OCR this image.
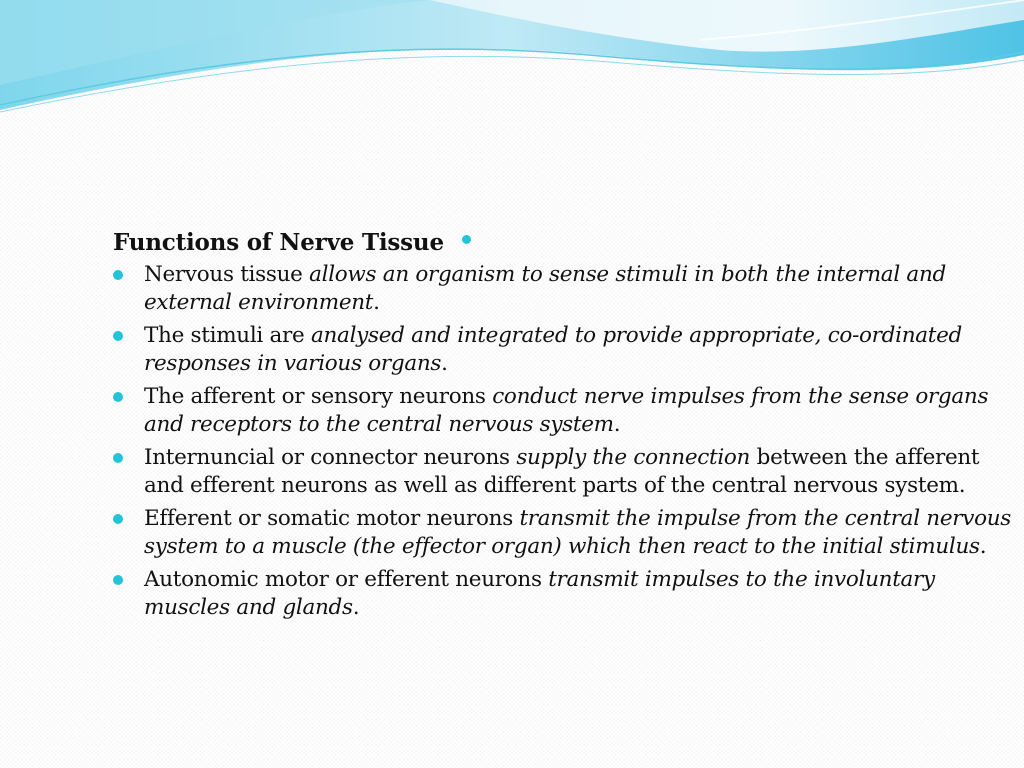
Functions of Nerve Tissue
Nervous tissue allows an organism to sense stimuli in both the internal and external environment.
The stimuli are analysed and integrated to provide appropriate, co-ordinated responses in various organs.
The afferent or sensory neurons conduct nerve impulses from the sense organs and receptors to the central nervous system.
Internuncial or connector neurons supply the connection between the afferent and efferent neurons as well as different parts of the central nervous system.
Efferent or somatic motor neurons transmit the impulse from the central nervous system to a muscle (the effector organ) which then react to the initial stimulus.
Autonomic motor or efferent neurons transmit impulses to the involuntary muscles and glands.
